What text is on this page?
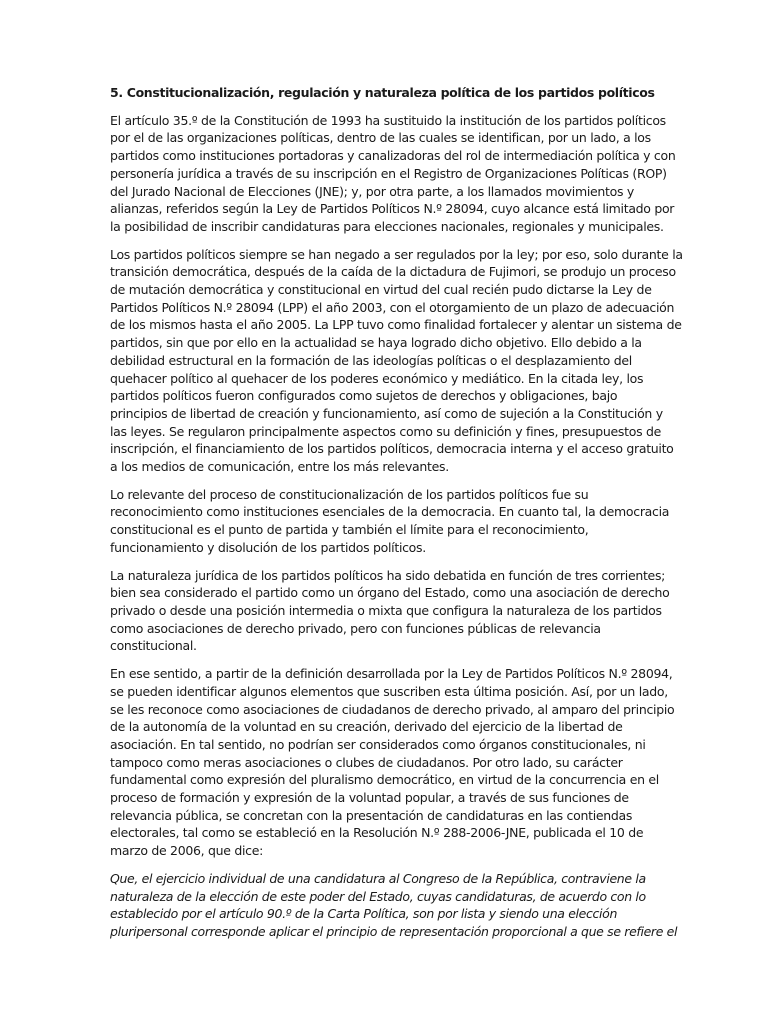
5. Constitucionalización, regulación y naturaleza política de los partidos políticos
El artículo 35.º de la Constitución de 1993 ha sustituido la institución de los partidos políticos
por el de las organizaciones políticas, dentro de las cuales se identifican, por un lado, a los
partidos como instituciones portadoras y canalizadoras del rol de intermediación política y con
personería jurídica a través de su inscripción en el Registro de Organizaciones Políticas (ROP)
del Jurado Nacional de Elecciones (JNE); y, por otra parte, a los llamados movimientos y
alianzas, referidos según la Ley de Partidos Políticos N.º 28094, cuyo alcance está limitado por
la posibilidad de inscribir candidaturas para elecciones nacionales, regionales y municipales.
Los partidos políticos siempre se han negado a ser regulados por la ley; por eso, solo durante la
transición democrática, después de la caída de la dictadura de Fujimori, se produjo un proceso
de mutación democrática y constitucional en virtud del cual recién pudo dictarse la Ley de
Partidos Políticos N.º 28094 (LPP) el año 2003, con el otorgamiento de un plazo de adecuación
de los mismos hasta el año 2005. La LPP tuvo como finalidad fortalecer y alentar un sistema de
partidos, sin que por ello en la actualidad se haya logrado dicho objetivo. Ello debido a la
debilidad estructural en la formación de las ideologías políticas o el desplazamiento del
quehacer político al quehacer de los poderes económico y mediático. En la citada ley, los
partidos políticos fueron configurados como sujetos de derechos y obligaciones, bajo
principios de libertad de creación y funcionamiento, así como de sujeción a la Constitución y
las leyes. Se regularon principalmente aspectos como su definición y fines, presupuestos de
inscripción, el financiamiento de los partidos políticos, democracia interna y el acceso gratuito
a los medios de comunicación, entre los más relevantes.
Lo relevante del proceso de constitucionalización de los partidos políticos fue su
reconocimiento como instituciones esenciales de la democracia. En cuanto tal, la democracia
constitucional es el punto de partida y también el límite para el reconocimiento,
funcionamiento y disolución de los partidos políticos.
La naturaleza jurídica de los partidos políticos ha sido debatida en función de tres corrientes;
bien sea considerado el partido como un órgano del Estado, como una asociación de derecho
privado o desde una posición intermedia o mixta que configura la naturaleza de los partidos
como asociaciones de derecho privado, pero con funciones públicas de relevancia
constitucional.
En ese sentido, a partir de la definición desarrollada por la Ley de Partidos Políticos N.º 28094,
se pueden identificar algunos elementos que suscriben esta última posición. Así, por un lado,
se les reconoce como asociaciones de ciudadanos de derecho privado, al amparo del principio
de la autonomía de la voluntad en su creación, derivado del ejercicio de la libertad de
asociación. En tal sentido, no podrían ser considerados como órganos constitucionales, ni
tampoco como meras asociaciones o clubes de ciudadanos. Por otro lado, su carácter
fundamental como expresión del pluralismo democrático, en virtud de la concurrencia en el
proceso de formación y expresión de la voluntad popular, a través de sus funciones de
relevancia pública, se concretan con la presentación de candidaturas en las contiendas
electorales, tal como se estableció en la Resolución N.º 288-2006-JNE, publicada el 10 de
marzo de 2006, que dice:
Que, el ejercicio individual de una candidatura al Congreso de la República, contraviene la
naturaleza de la elección de este poder del Estado, cuyas candidaturas, de acuerdo con lo
establecido por el artículo 90.º de la Carta Política, son por lista y siendo una elección
pluripersonal corresponde aplicar el principio de representación proporcional a que se refiere el
